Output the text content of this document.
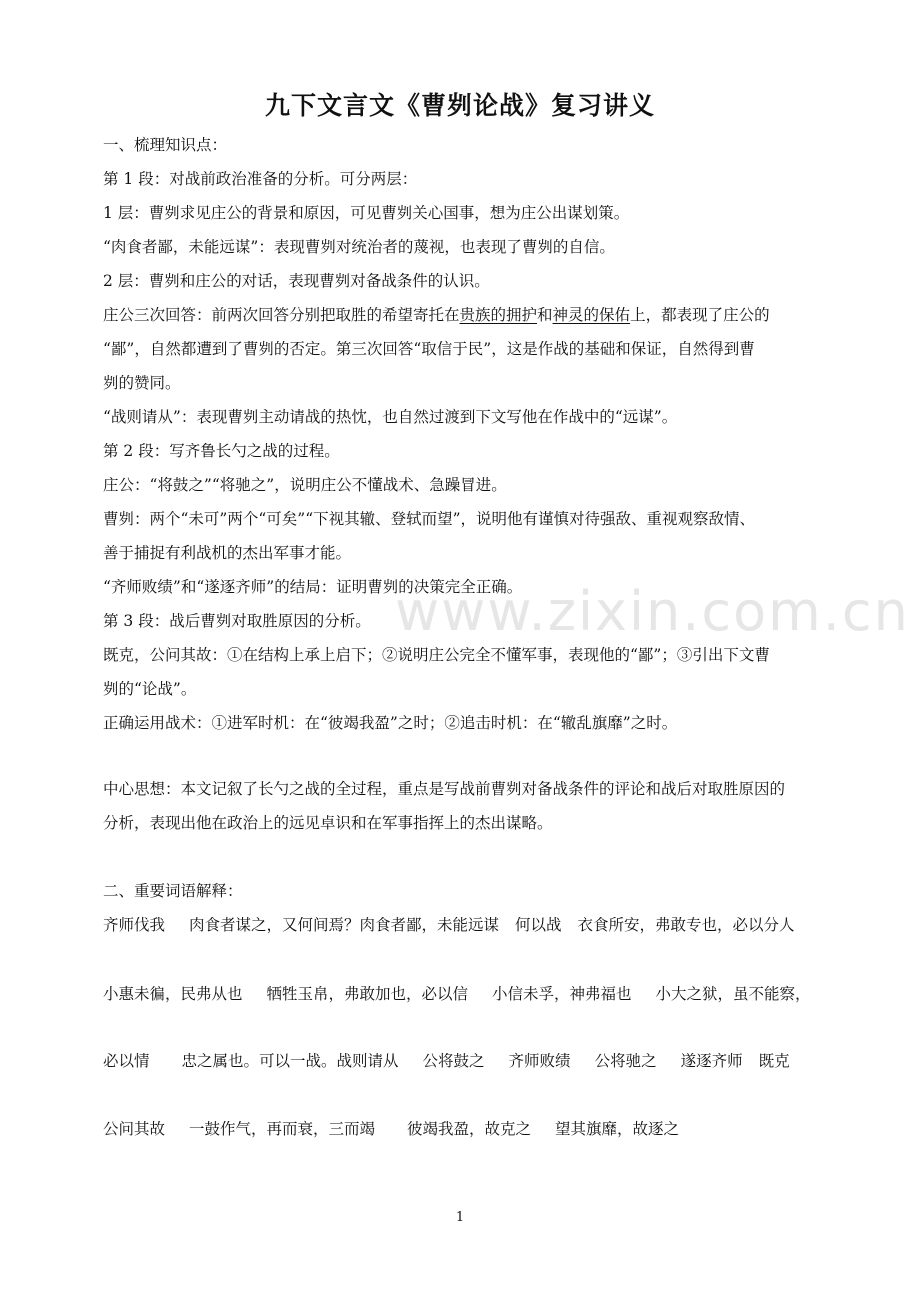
九下文言文《曹刿论战》复习讲义
一、梳理知识点：
第 1 段：对战前政治准备的分析。可分两层：
1 层：曹刿求见庄公的背景和原因，可见曹刿关心国事，想为庄公出谋划策。
“肉食者鄙，未能远谋”：表现曹刿对统治者的蔑视，也表现了曹刿的自信。
2 层：曹刿和庄公的对话，表现曹刿对备战条件的认识。
庄公三次回答：前两次回答分别把取胜的希望寄托在贵族的拥护和神灵的保佑上，都表现了庄公的
“鄙”，自然都遭到了曹刿的否定。第三次回答“取信于民”，这是作战的基础和保证，自然得到曹
刿的赞同。
“战则请从”：表现曹刿主动请战的热忱，也自然过渡到下文写他在作战中的“远谋”。
第 2 段：写齐鲁长勺之战的过程。
庄公：“将鼓之”“将驰之”，说明庄公不懂战术、急躁冒进。
曹刿：两个“未可”两个“可矣”“下视其辙、登轼而望”，说明他有谨慎对待强敌、重视观察敌情、
善于捕捉有利战机的杰出军事才能。
“齐师败绩”和“遂逐齐师”的结局：证明曹刿的决策完全正确。
第 3 段：战后曹刿对取胜原因的分析。
既克，公问其故：①在结构上承上启下；②说明庄公完全不懂军事，表现他的“鄙”；③引出下文曹
刿的“论战”。
正确运用战术：①进军时机：在“彼竭我盈”之时；②追击时机：在“辙乱旗靡”之时。
中心思想：本文记叙了长勺之战的全过程，重点是写战前曹刿对备战条件的评论和战后对取胜原因的
分析，表现出他在政治上的远见卓识和在军事指挥上的杰出谋略。
二、重要词语解释：
齐师伐我 肉食者谋之，又何间焉？肉食者鄙，未能远谋 何以战 衣食所安，弗敢专也，必以分人
小惠未徧，民弗从也 牺牲玉帛，弗敢加也，必以信 小信未孚，神弗福也 小大之狱，虽不能察，
必以情 忠之属也。可以一战。战则请从 公将鼓之 齐师败绩 公将驰之 遂逐齐师 既克
公问其故 一鼓作气，再而衰，三而竭 彼竭我盈，故克之 望其旗靡，故逐之
www.zixin.com.cn
1
